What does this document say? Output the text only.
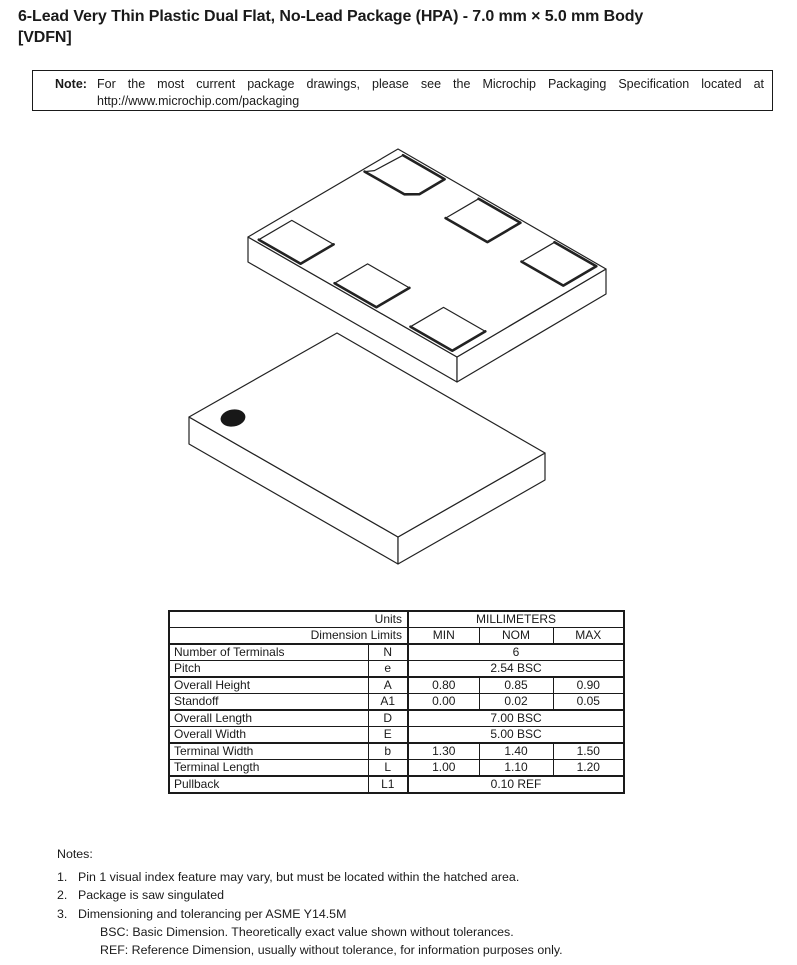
6-Lead Very Thin Plastic Dual Flat, No-Lead Package (HPA) - 7.0 mm × 5.0 mm Body
[VDFN]
Note: For the most current package drawings, please see the Microchip Packaging Specification located at
http://www.microchip.com/packaging
Units		MILLIMETERS		
Dimension Limits		MIN	NOM	MAX
Number of Terminals	N	6		
Pitch	e	2.54 BSC		
Overall Height	A	0.80	0.85	0.90
Standoff	A1	0.00	0.02	0.05
Overall Length	D	7.00 BSC		
Overall Width	E	5.00 BSC		
Terminal Width	b	1.30	1.40	1.50
Terminal Length	L	1.00	1.10	1.20
Pullback	L1	0.10 REF		
Notes:
1. Pin 1 visual index feature may vary, but must be located within the hatched area.
2. Package is saw singulated
3. Dimensioning and tolerancing per ASME Y14.5M
BSC: Basic Dimension. Theoretically exact value shown without tolerances.
REF: Reference Dimension, usually without tolerance, for information purposes only.
